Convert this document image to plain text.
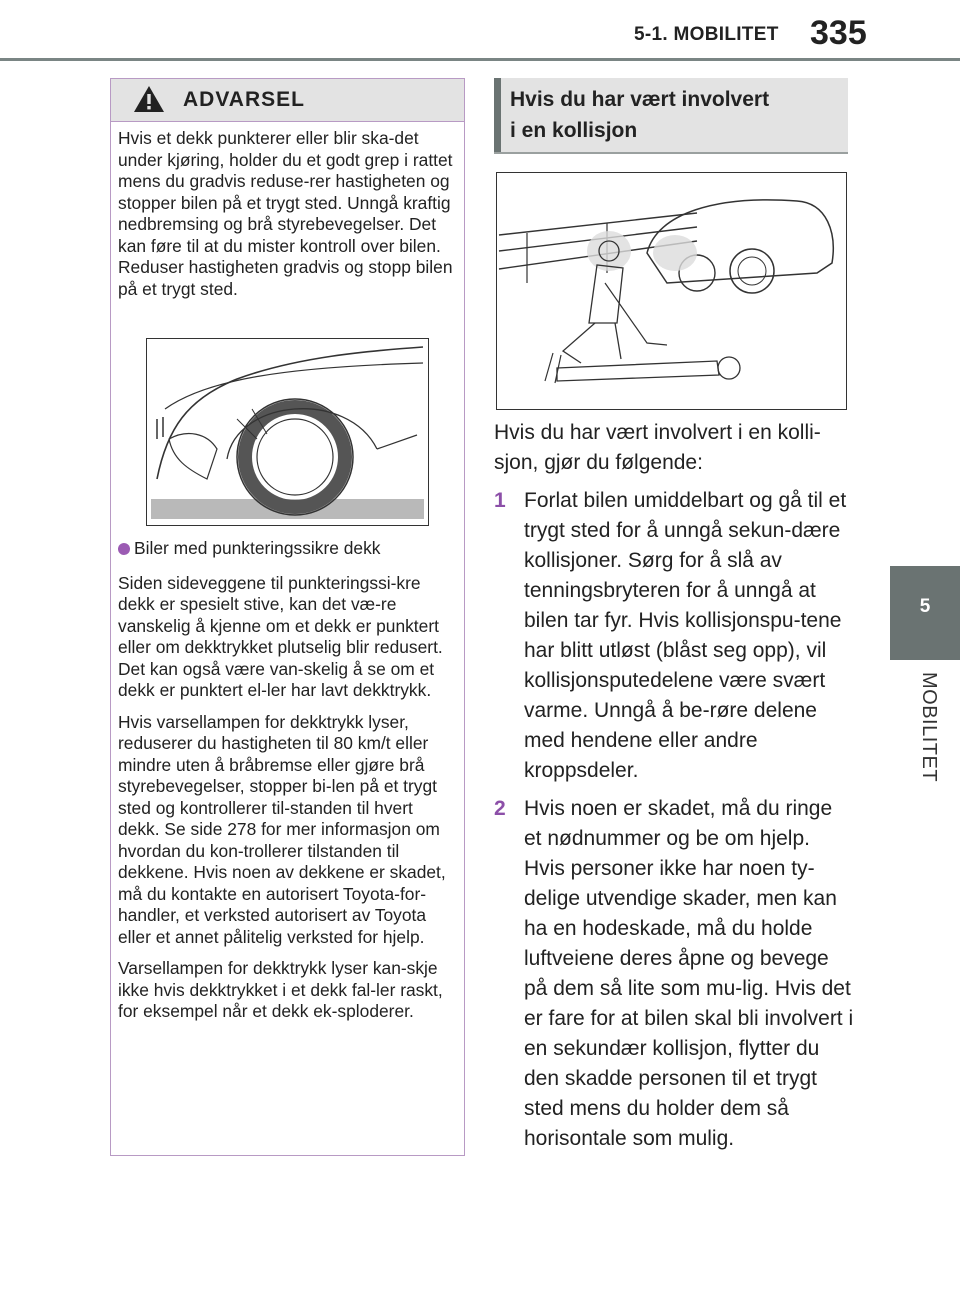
5-1. MOBILITET 335
5
MOBILITET
ADVARSEL

Hvis et dekk punkterer eller blir ska-det under kjøring, holder du et godt grep i rattet mens du gradvis reduse-rer hastigheten og stopper bilen på et trygt sted. Unngå kraftig nedbremsing og brå styrebevegelser. Det kan føre til at du mister kontroll over bilen. Reduser hastigheten gradvis og stopp bilen på et trygt sted.

Biler med punkteringssikre dekk

Siden sideveggene til punkteringssi-kre dekk er spesielt stive, kan det væ-re vanskelig å kjenne om et dekk er punktert eller om dekktrykket plutselig blir redusert. Det kan også være van-skelig å se om et dekk er punktert el-ler har lavt dekktrykk.

Hvis varsellampen for dekktrykk lyser, reduserer du hastigheten til 80 km/t eller mindre uten å bråbremse eller gjøre brå styrebevegelser, stopper bi-len på et trygt sted og kontrollerer til-standen til hvert dekk. Se side 278 for mer informasjon om hvordan du kon-trollerer tilstanden til dekkene. Hvis noen av dekkene er skadet, må du kontakte en autorisert Toyota-for-handler, et verksted autorisert av Toyota eller et annet pålitelig verksted for hjelp.

Varsellampen for dekktrykk lyser kan-skje ikke hvis dekktrykket i et dekk fal-ler raskt, for eksempel når et dekk ek-sploderer.

Hvis du har vært involvert
i en kollisjon

Hvis du har vært involvert i en kolli-sjon, gjør du følgende:

1 Forlat bilen umiddelbart og gå til et trygt sted for å unngå sekun-dære kollisjoner. Sørg for å slå av tenningsbryteren for å unngå at bilen tar fyr. Hvis kollisjonspu-tene har blitt utløst (blåst seg opp), vil kollisjonsputedelene være svært varme. Unngå å be-røre delene med hendene eller andre kroppsdeler.
2 Hvis noen er skadet, må du ringe et nødnummer og be om hjelp. Hvis personer ikke har noen ty-delige utvendige skader, men kan ha en hodeskade, må du holde luftveiene deres åpne og bevege på dem så lite som mu-lig. Hvis det er fare for at bilen skal bli involvert i en sekundær kollisjon, flytter du den skadde personen til et trygt sted mens du holder dem så horisontale som mulig.
